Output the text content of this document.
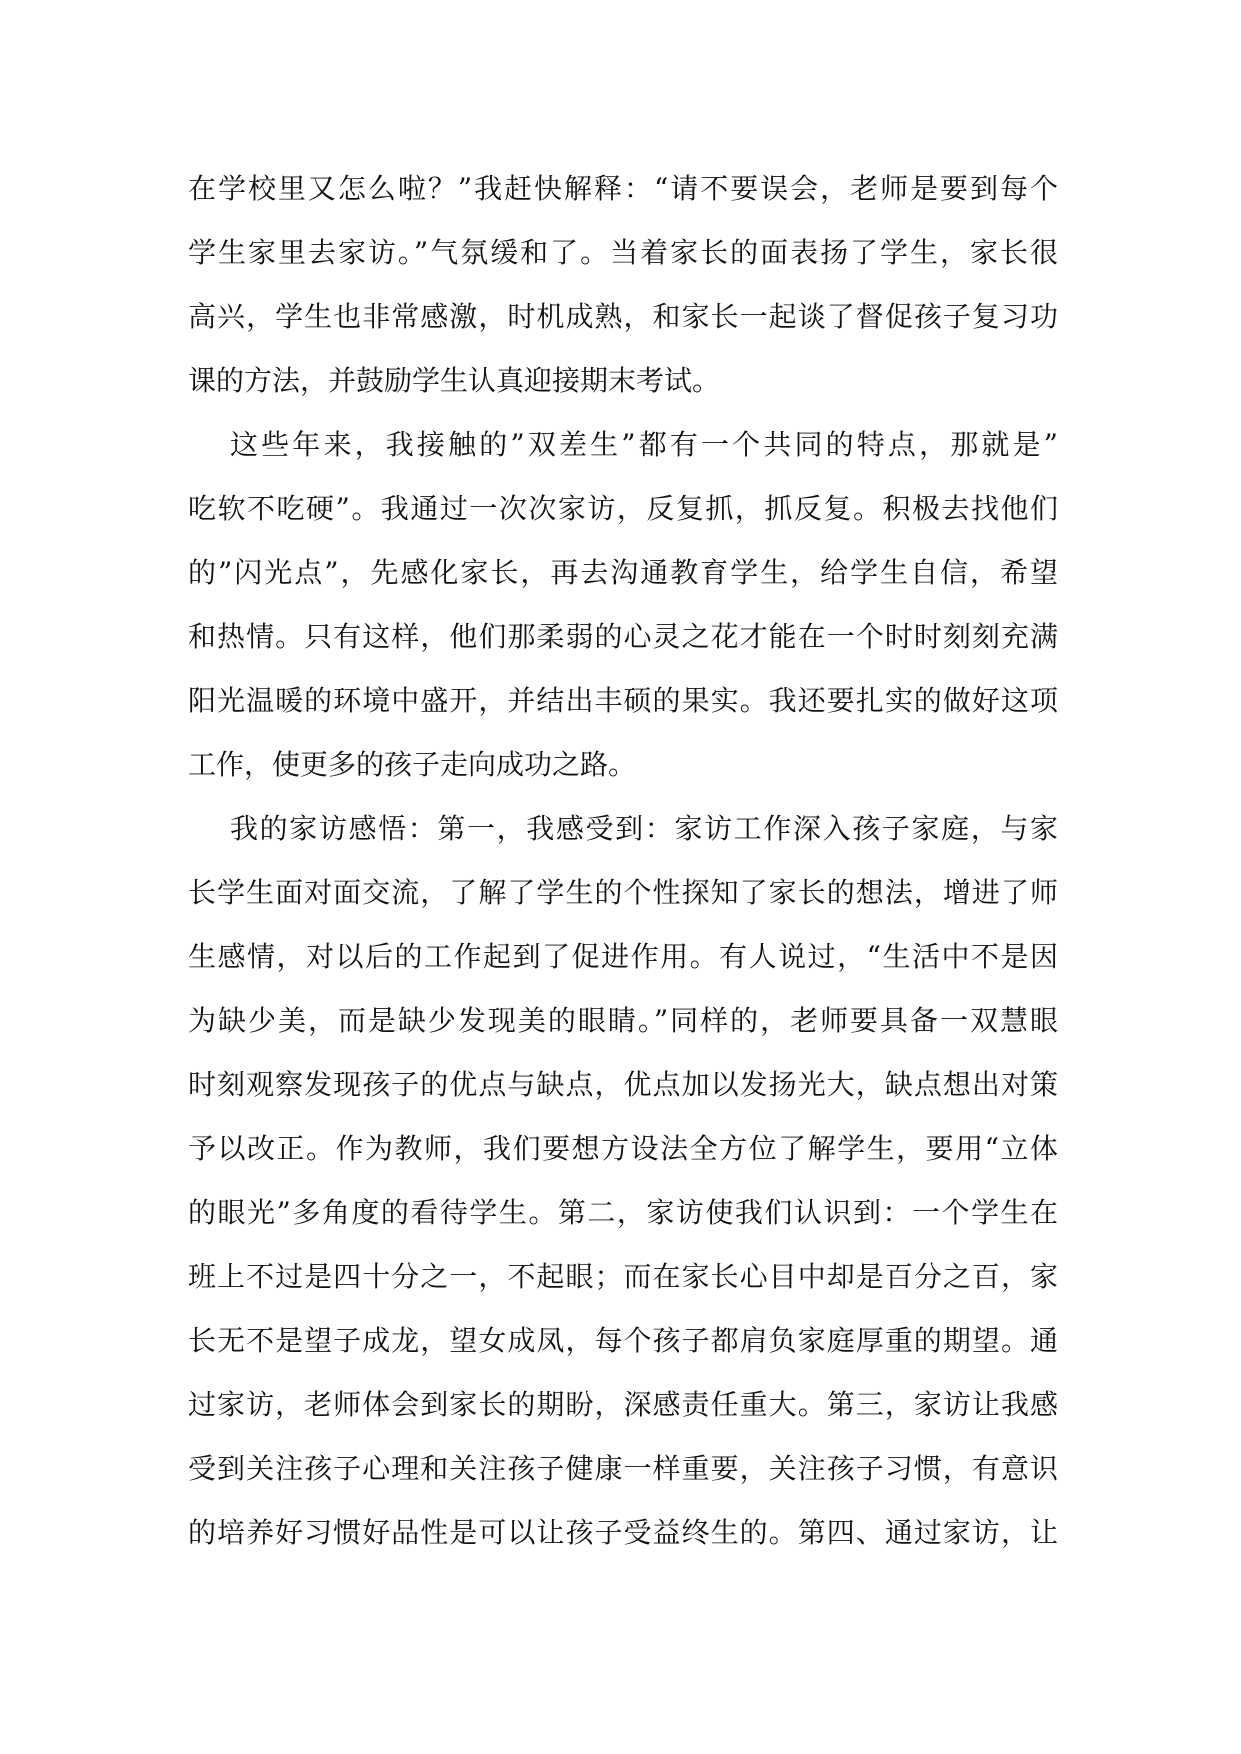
在学校里又怎么啦？”我赶快解释：“请不要误会，老师是要到每个
学生家里去家访。”气氛缓和了。当着家长的面表扬了学生，家长很
高兴，学生也非常感激，时机成熟，和家长一起谈了督促孩子复习功
课的方法，并鼓励学生认真迎接期末考试。
这些年来，我接触的”双差生”都有一个共同的特点，那就是”
吃软不吃硬”。我通过一次次家访，反复抓，抓反复。积极去找他们
的”闪光点”，先感化家长，再去沟通教育学生，给学生自信，希望
和热情。只有这样，他们那柔弱的心灵之花才能在一个时时刻刻充满
阳光温暖的环境中盛开，并结出丰硕的果实。我还要扎实的做好这项
工作，使更多的孩子走向成功之路。
我的家访感悟：第一，我感受到：家访工作深入孩子家庭，与家
长学生面对面交流，了解了学生的个性探知了家长的想法，增进了师
生感情，对以后的工作起到了促进作用。有人说过，“生活中不是因
为缺少美，而是缺少发现美的眼睛。”同样的，老师要具备一双慧眼
时刻观察发现孩子的优点与缺点，优点加以发扬光大，缺点想出对策
予以改正。作为教师，我们要想方设法全方位了解学生，要用“立体
的眼光”多角度的看待学生。第二，家访使我们认识到：一个学生在
班上不过是四十分之一，不起眼；而在家长心目中却是百分之百，家
长无不是望子成龙，望女成凤，每个孩子都肩负家庭厚重的期望。通
过家访，老师体会到家长的期盼，深感责任重大。第三，家访让我感
受到关注孩子心理和关注孩子健康一样重要，关注孩子习惯，有意识
的培养好习惯好品性是可以让孩子受益终生的。第四、通过家访，让
